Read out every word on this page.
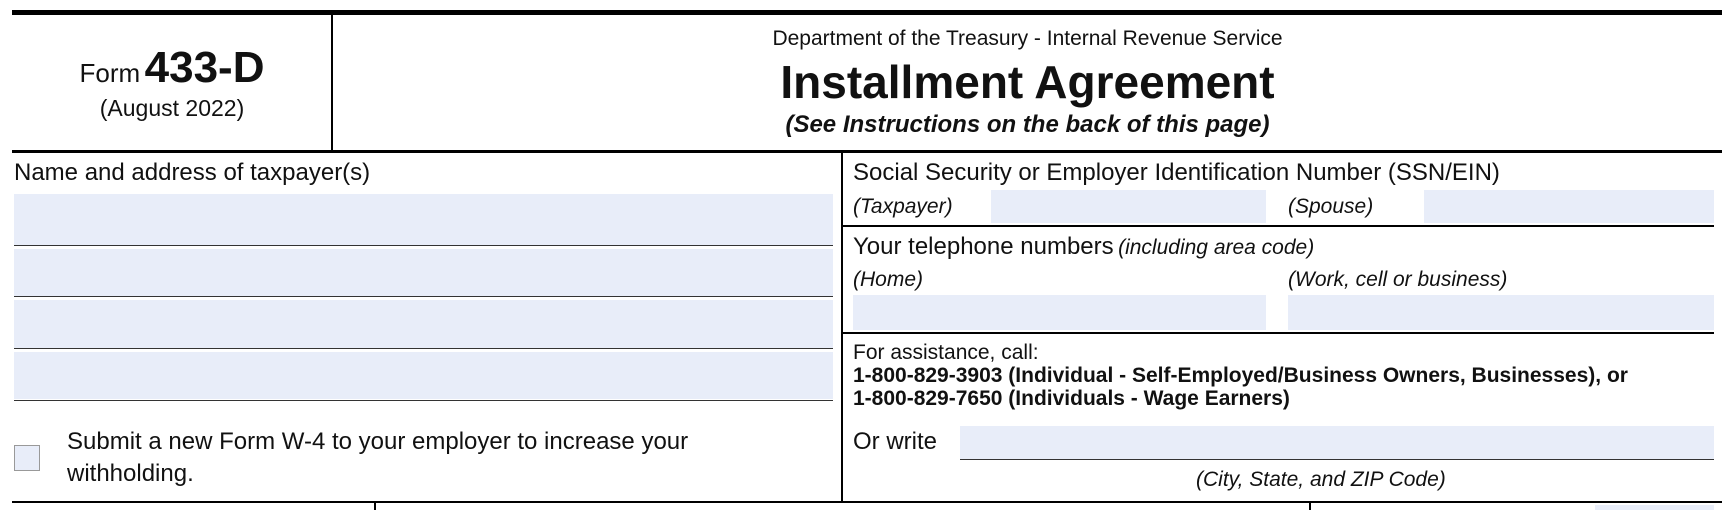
Form 433-D
(August 2022)
Department of the Treasury - Internal Revenue Service
Installment Agreement
(See Instructions on the back of this page)
Name and address of taxpayer(s)
Submit a new Form W-4 to your employer to increase your
withholding.
Social Security or Employer Identification Number (SSN/EIN)
(Taxpayer)	(Spouse)
Your telephone numbers (including area code)
(Home)	(Work, cell or business)
For assistance, call:
1-800-829-3903 (Individual - Self-Employed/Business Owners, Businesses), or
1-800-829-7650 (Individuals - Wage Earners)
Or write
(City, State, and ZIP Code)
